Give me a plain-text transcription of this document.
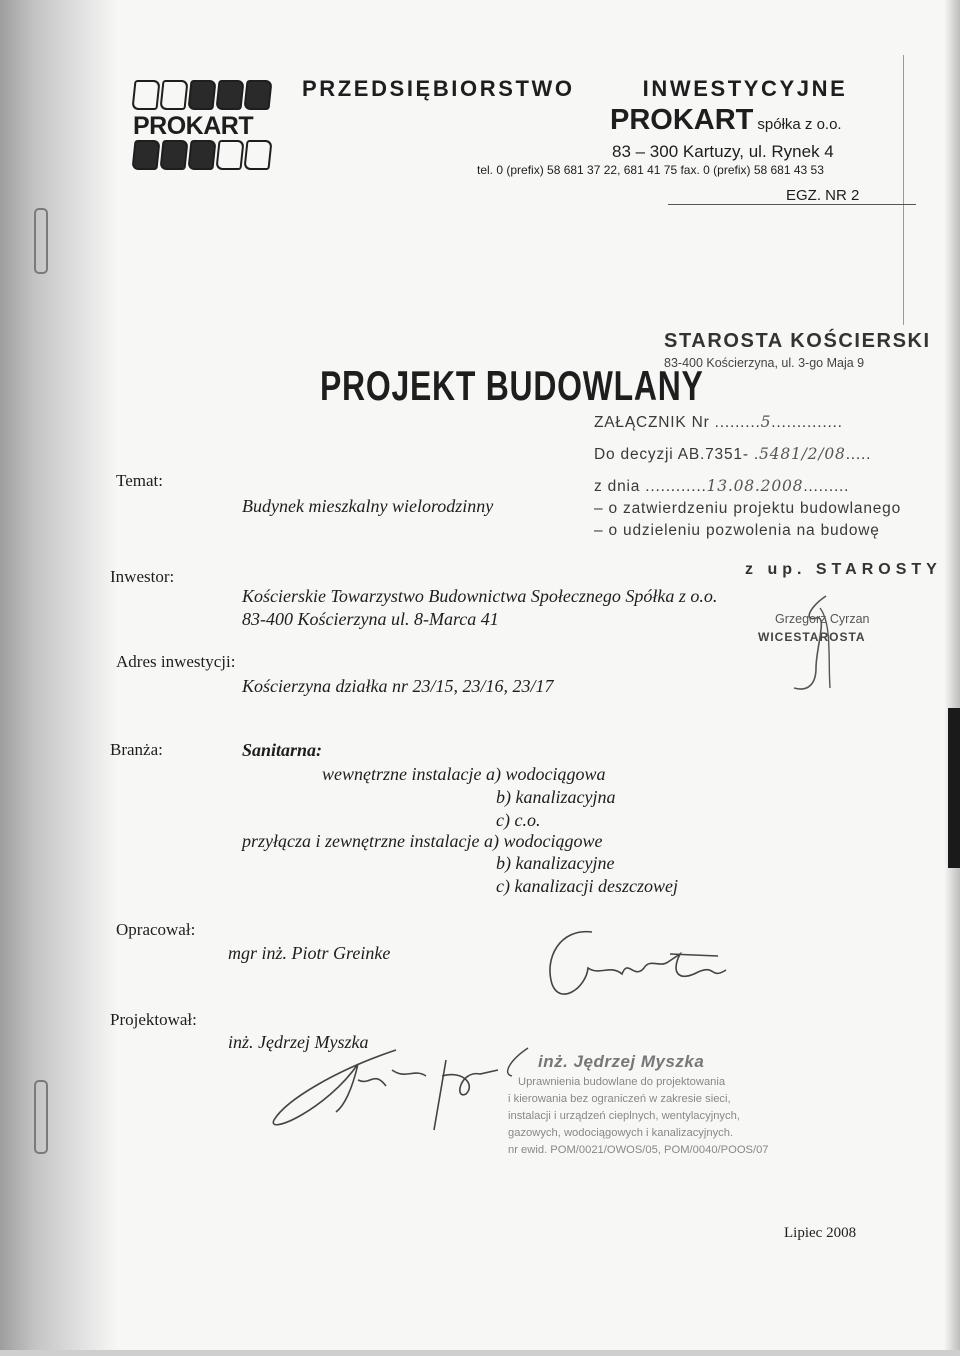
PROKART
PRZEDSIĘBIORSTWO	INWESTYCYJNE
PROKART spółka z o.o.
83 – 300 Kartuzy, ul. Rynek 4
tel. 0 (prefix) 58 681 37 22, 681 41 75 fax. 0 (prefix) 58 681 43 53
EGZ. NR 2
PROJEKT BUDOWLANY
STAROSTA KOŚCIERSKI
83-400 Kościerzyna, ul. 3-go Maja 9
ZAŁĄCZNIK Nr .........5..............
Do decyzji AB.7351- .5481/2/08.....
z dnia ............13.08.2008.........
– o zatwierdzeniu projektu budowlanego
– o udzieleniu pozwolenia na budowę
Temat:
Budynek mieszkalny wielorodzinny
Inwestor:	z up. STAROSTY
Kościerskie Towarzystwo Budownictwa Społecznego Spółka z o.o.
83-400 Kościerzyna ul. 8-Marca 41	Grzegorz Cyrzan
WICESTAROSTA
Adres inwestycji:
Kościerzyna działka nr 23/15, 23/16, 23/17
Branża:	Sanitarna:
wewnętrzne instalacje a) wodociągowa
b) kanalizacyjna
c) c.o.
przyłącza i zewnętrzne instalacje a) wodociągowe
b) kanalizacyjne
c) kanalizacji deszczowej
Opracował:
mgr inż. Piotr Greinke
Projektował:
inż. Jędrzej Myszka
inż. Jędrzej Myszka
Uprawnienia budowlane do projektowania
i kierowania bez ograniczeń w zakresie sieci,
instalacji i urządzeń cieplnych, wentylacyjnych,
gazowych, wodociągowych i kanalizacyjnych.
nr ewid. POM/0021/OWOS/05, POM/0040/POOS/07
Lipiec 2008
